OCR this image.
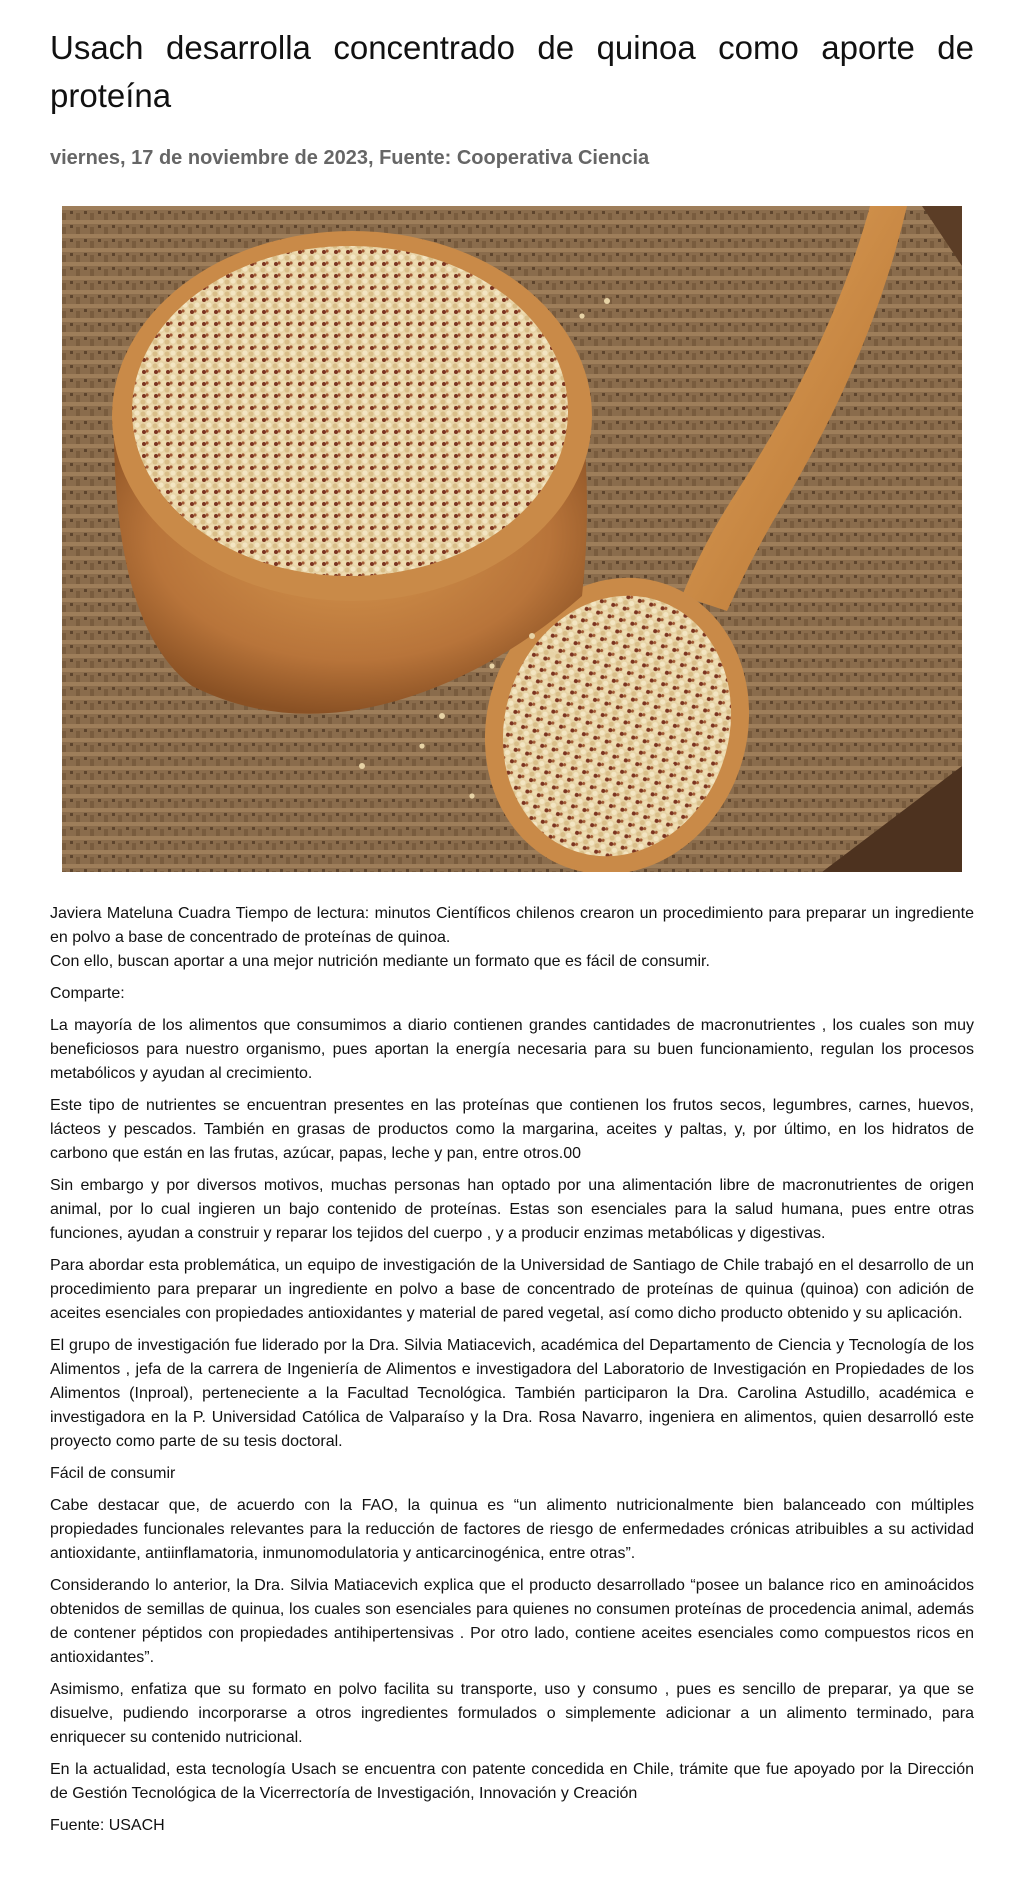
Usach desarrolla concentrado de quinoa como aporte de proteína
viernes, 17 de noviembre de 2023, Fuente: Cooperativa Ciencia

Javiera Mateluna Cuadra Tiempo de lectura: minutos Científicos chilenos crearon un procedimiento para preparar un ingrediente en polvo a base de concentrado de proteínas de quinoa.

Con ello, buscan aportar a una mejor nutrición mediante un formato que es fácil de consumir.

Comparte:

La mayoría de los alimentos que consumimos a diario contienen grandes cantidades de macronutrientes , los cuales son muy beneficiosos para nuestro organismo, pues aportan la energía necesaria para su buen funcionamiento, regulan los procesos metabólicos y ayudan al crecimiento.

Este tipo de nutrientes se encuentran presentes en las proteínas que contienen los frutos secos, legumbres, carnes, huevos, lácteos y pescados. También en grasas de productos como la margarina, aceites y paltas, y, por último, en los hidratos de carbono que están en las frutas, azúcar, papas, leche y pan, entre otros.00

Sin embargo y por diversos motivos, muchas personas han optado por una alimentación libre de macronutrientes de origen animal, por lo cual ingieren un bajo contenido de proteínas. Estas son esenciales para la salud humana, pues entre otras funciones, ayudan a construir y reparar los tejidos del cuerpo , y a producir enzimas metabólicas y digestivas.

Para abordar esta problemática, un equipo de investigación de la Universidad de Santiago de Chile trabajó en el desarrollo de un procedimiento para preparar un ingrediente en polvo a base de concentrado de proteínas de quinua (quinoa) con adición de aceites esenciales con propiedades antioxidantes y material de pared vegetal, así como dicho producto obtenido y su aplicación.

El grupo de investigación fue liderado por la Dra. Silvia Matiacevich, académica del Departamento de Ciencia y Tecnología de los Alimentos , jefa de la carrera de Ingeniería de Alimentos e investigadora del Laboratorio de Investigación en Propiedades de los Alimentos (Inproal), perteneciente a la Facultad Tecnológica. También participaron la Dra. Carolina Astudillo, académica e investigadora en la P. Universidad Católica de Valparaíso y la Dra. Rosa Navarro, ingeniera en alimentos, quien desarrolló este proyecto como parte de su tesis doctoral.

Fácil de consumir

Cabe destacar que, de acuerdo con la FAO, la quinua es “un alimento nutricionalmente bien balanceado con múltiples propiedades funcionales relevantes para la reducción de factores de riesgo de enfermedades crónicas atribuibles a su actividad antioxidante, antiinflamatoria, inmunomodulatoria y anticarcinogénica, entre otras”.

Considerando lo anterior, la Dra. Silvia Matiacevich explica que el producto desarrollado “posee un balance rico en aminoácidos obtenidos de semillas de quinua, los cuales son esenciales para quienes no consumen proteínas de procedencia animal, además de contener péptidos con propiedades antihipertensivas . Por otro lado, contiene aceites esenciales como compuestos ricos en antioxidantes”.

Asimismo, enfatiza que su formato en polvo facilita su transporte, uso y consumo , pues es sencillo de preparar, ya que se disuelve, pudiendo incorporarse a otros ingredientes formulados o simplemente adicionar a un alimento terminado, para enriquecer su contenido nutricional.

En la actualidad, esta tecnología Usach se encuentra con patente concedida en Chile, trámite que fue apoyado por la Dirección de Gestión Tecnológica de la Vicerrectoría de Investigación, Innovación y Creación

Fuente: USACH
